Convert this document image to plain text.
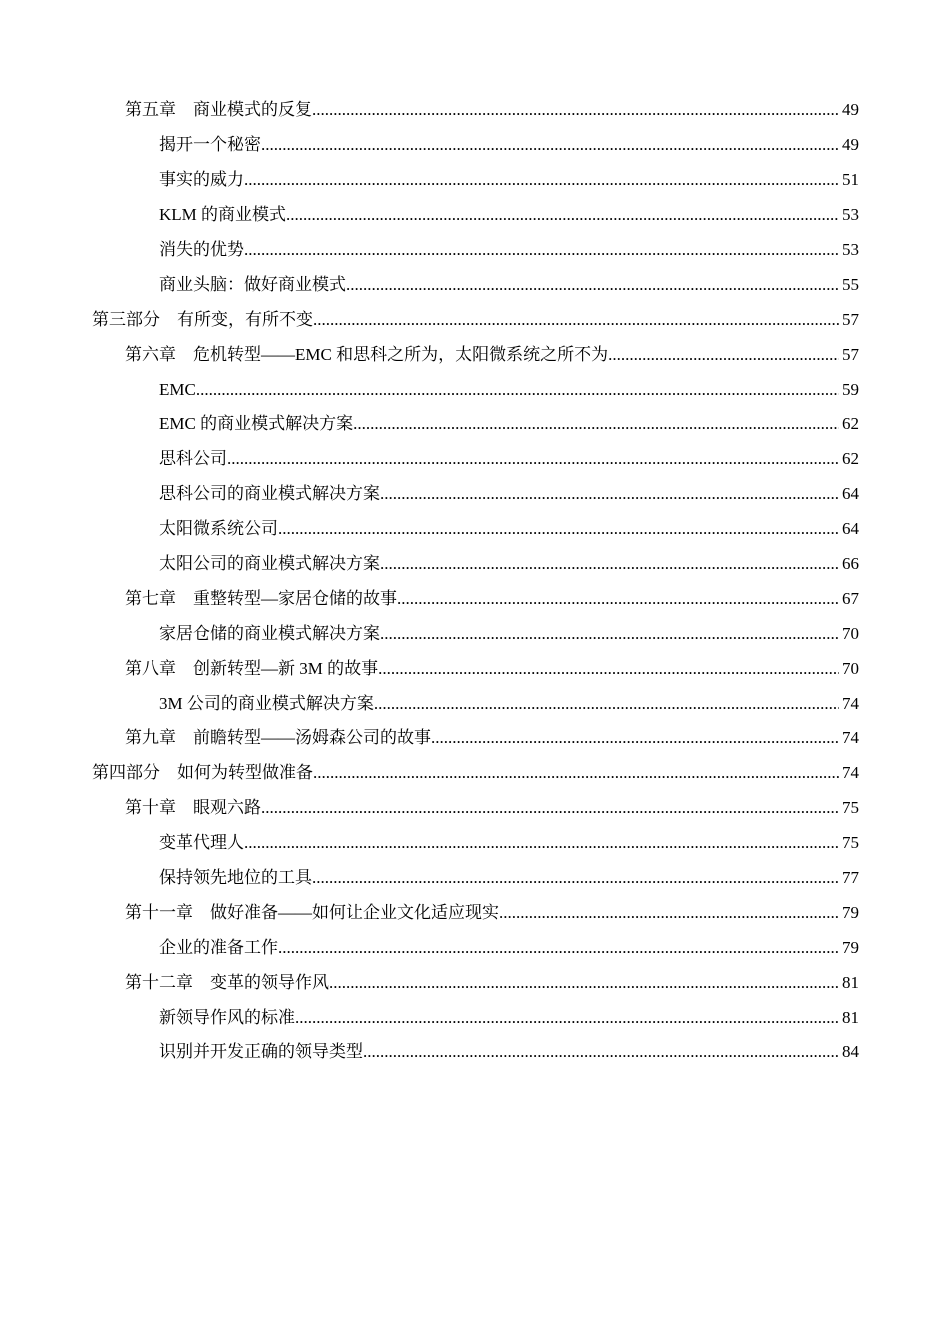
第五章　商业模式的反复 .....	49
揭开一个秘密 .....	49
事实的威力 .....	51
KLM 的商业模式 .....	53
消失的优势 .....	53
商业头脑：做好商业模式 .....	55
第三部分　有所变，有所不变 .....	57
第六章　危机转型——EMC 和思科之所为，太阳微系统之所不为 .....	57
EMC .....	59
EMC 的商业模式解决方案 .....	62
思科公司 .....	62
思科公司的商业模式解决方案 .....	64
太阳微系统公司 .....	64
太阳公司的商业模式解决方案 .....	66
第七章　重整转型—家居仓储的故事 .....	67
家居仓储的商业模式解决方案 .....	70
第八章　创新转型—新 3M 的故事 .....	70
3M 公司的商业模式解决方案 .....	74
第九章　前瞻转型——汤姆森公司的故事 .....	74
第四部分　如何为转型做准备 .....	74
第十章　眼观六路 .....	75
变革代理人 .....	75
保持领先地位的工具 .....	77
第十一章　做好准备——如何让企业文化适应现实 .....	79
企业的准备工作 .....	79
第十二章　变革的领导作风 .....	81
新领导作风的标准 .....	81
识别并开发正确的领导类型 .....	84
